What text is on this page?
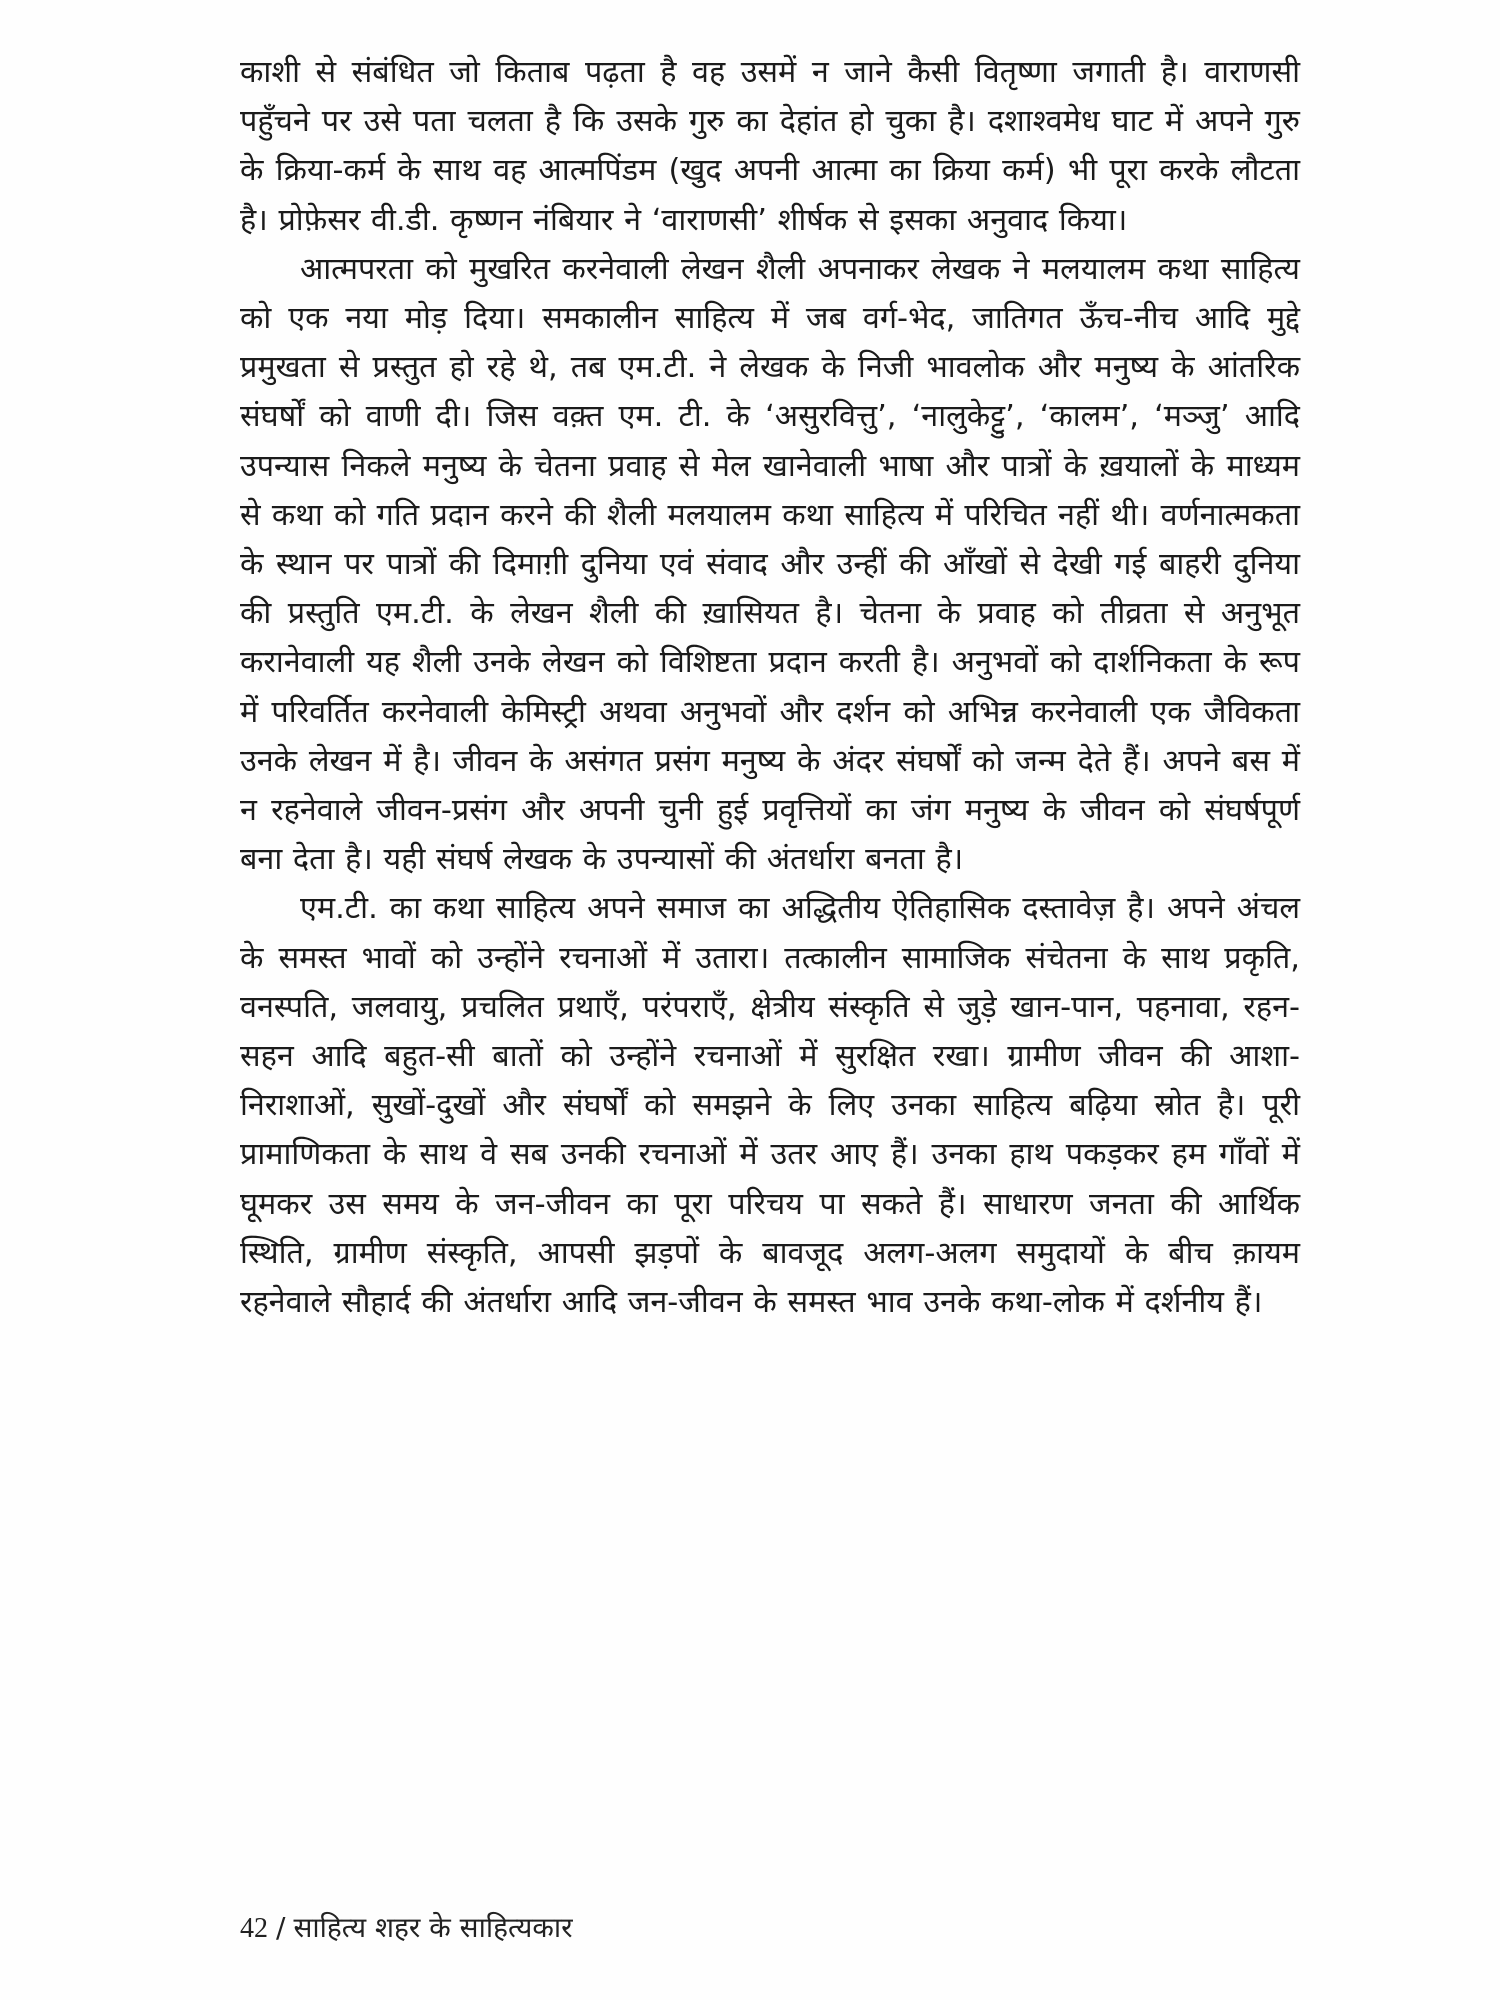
काशी से संबंधित जो किताब पढ़ता है वह उसमें न जाने कैसी वितृष्णा जगाती है। वाराणसी पहुँचने पर उसे पता चलता है कि उसके गुरु का देहांत हो चुका है। दशाश्वमेध घाट में अपने गुरु के क्रिया-कर्म के साथ वह आत्मपिंडम (खुद अपनी आत्मा का क्रिया कर्म) भी पूरा करके लौटता है। प्रोफ़ेसर वी.डी. कृष्णन नंबियार ने ‘वाराणसी’ शीर्षक से इसका अनुवाद किया।

आत्मपरता को मुखरित करनेवाली लेखन शैली अपनाकर लेखक ने मलयालम कथा साहित्य को एक नया मोड़ दिया। समकालीन साहित्य में जब वर्ग-भेद, जातिगत ऊँच-नीच आदि मुद्दे प्रमुखता से प्रस्तुत हो रहे थे, तब एम.टी. ने लेखक के निजी भावलोक और मनुष्य के आंतरिक संघर्षों को वाणी दी। जिस वक़्त एम. टी. के ‘असुरवित्तु’, ‘नालुकेट्टु’, ‘कालम’, ‘मञ्जु’ आदि उपन्यास निकले मनुष्य के चेतना प्रवाह से मेल खानेवाली भाषा और पात्रों के ख़यालों के माध्यम से कथा को गति प्रदान करने की शैली मलयालम कथा साहित्य में परिचित नहीं थी। वर्णनात्मकता के स्थान पर पात्रों की दिमाग़ी दुनिया एवं संवाद और उन्हीं की आँखों से देखी गई बाहरी दुनिया की प्रस्तुति एम.टी. के लेखन शैली की ख़ासियत है। चेतना के प्रवाह को तीव्रता से अनुभूत करानेवाली यह शैली उनके लेखन को विशिष्टता प्रदान करती है। अनुभवों को दार्शनिकता के रूप में परिवर्तित करनेवाली केमिस्ट्री अथवा अनुभवों और दर्शन को अभिन्न करनेवाली एक जैविकता उनके लेखन में है। जीवन के असंगत प्रसंग मनुष्य के अंदर संघर्षों को जन्म देते हैं। अपने बस में न रहनेवाले जीवन-प्रसंग और अपनी चुनी हुई प्रवृत्तियों का जंग मनुष्य के जीवन को संघर्षपूर्ण बना देता है। यही संघर्ष लेखक के उपन्यासों की अंतर्धारा बनता है।

एम.टी. का कथा साहित्य अपने समाज का अद्धितीय ऐतिहासिक दस्तावेज़ है। अपने अंचल के समस्त भावों को उन्होंने रचनाओं में उतारा। तत्कालीन सामाजिक संचेतना के साथ प्रकृति, वनस्पति, जलवायु, प्रचलित प्रथाएँ, परंपराएँ, क्षेत्रीय संस्कृति से जुड़े खान-पान, पहनावा, रहन-सहन आदि बहुत-सी बातों को उन्होंने रचनाओं में सुरक्षित रखा। ग्रामीण जीवन की आशा-निराशाओं, सुखों-दुखों और संघर्षों को समझने के लिए उनका साहित्य बढ़िया स्रोत है। पूरी प्रामाणिकता के साथ वे सब उनकी रचनाओं में उतर आए हैं। उनका हाथ पकड़कर हम गाँवों में घूमकर उस समय के जन-जीवन का पूरा परिचय पा सकते हैं। साधारण जनता की आर्थिक स्थिति, ग्रामीण संस्कृति, आपसी झड़पों के बावजूद अलग-अलग समुदायों के बीच क़ायम रहनेवाले सौहार्द की अंतर्धारा आदि जन-जीवन के समस्त भाव उनके कथा-लोक में दर्शनीय हैं।

42 / साहित्य शहर के साहित्यकार
